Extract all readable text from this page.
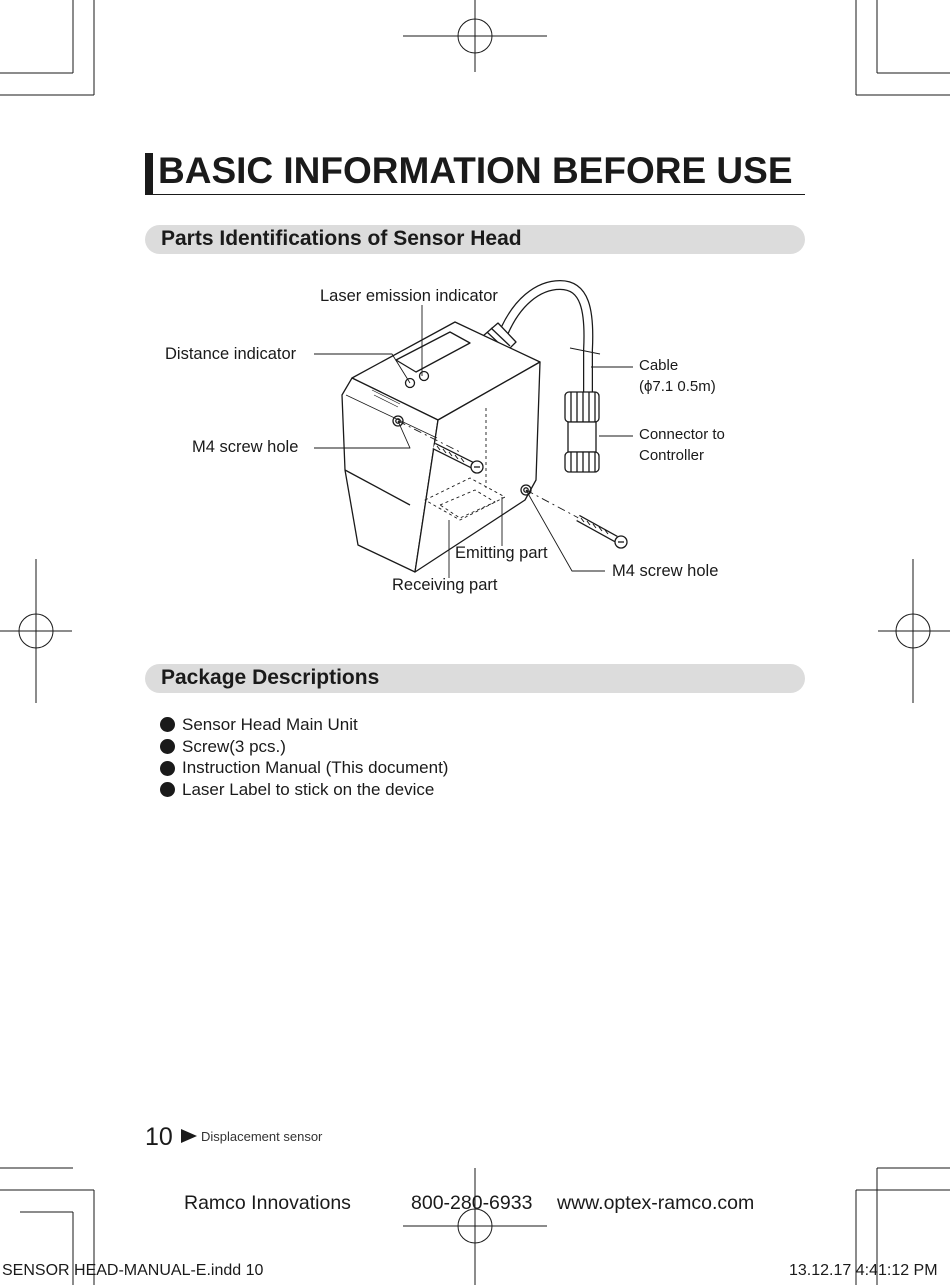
BASIC INFORMATION BEFORE USE
Parts Identifications of Sensor Head
Laser emission indicator
Distance indicator
M4 screw hole
Cable
(ϕ7.1 0.5m)
Connector to
Controller
Emitting part
M4 screw hole
Receiving part
Package Descriptions
Sensor Head Main Unit
Screw(3 pcs.)
Instruction Manual (This document)
Laser Label to stick on the device
10 Displacement sensor
Ramco Innovations	800-280-6933 www.optex-ramco.com
SENSOR HEAD-MANUAL-E.indd 10	13.12.17 4:41:12 PM
